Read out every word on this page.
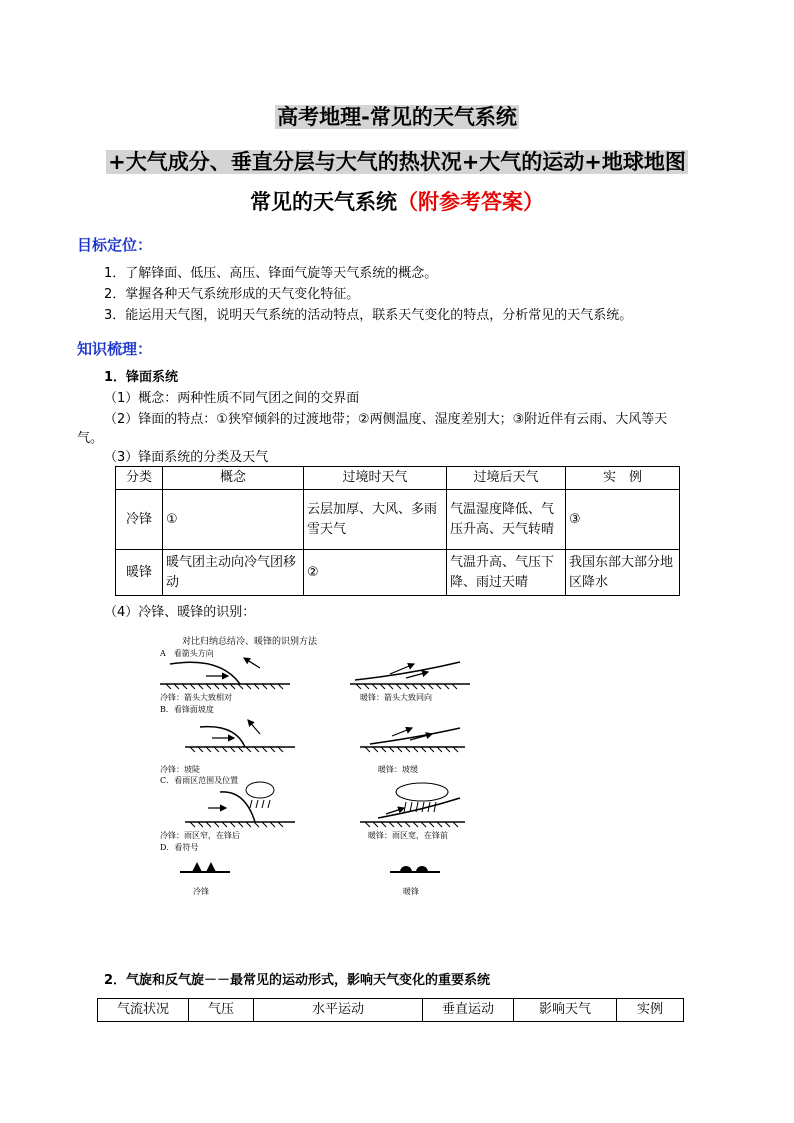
高考地理-常见的天气系统
+大气成分、垂直分层与大气的热状况+大气的运动+地球地图
常见的天气系统（附参考答案）
目标定位：
1．了解锋面、低压、高压、锋面气旋等天气系统的概念。
2．掌握各种天气系统形成的天气变化特征。
3．能运用天气图，说明天气系统的活动特点，联系天气变化的特点，分析常见的天气系统。
知识梳理：
1．锋面系统
（1）概念：两种性质不同气团之间的交界面
（2）锋面的特点：①狭窄倾斜的过渡地带；②两侧温度、湿度差别大；③附近伴有云雨、大风等天
气。
（3）锋面系统的分类及天气
分类	概念	过境时天气	过境后天气	实　例
冷锋	①	云层加厚、大风、多雨雪天气	气温湿度降低、气压升高、天气转晴	③
暖锋	暖气团主动向冷气团移动	②	气温升高、气压下降、雨过天晴	我国东部大部分地区降水
（4）冷锋、暖锋的识别：
对比归纳总结冷、暖锋的识别方法
A　看箭头方向
冷锋：箭头大致相对	暖锋：箭头大致同向
B．看锋面坡度
冷锋：坡陡	暖锋：坡缓
C．看雨区范围及位置
冷锋：雨区窄，在锋后	暖锋：雨区宽，在锋前
D．看符号
冷锋	暖锋
2．气旋和反气旋－－最常见的运动形式，影响天气变化的重要系统
气流状况	气压	水平运动	垂直运动	影响天气	实例
